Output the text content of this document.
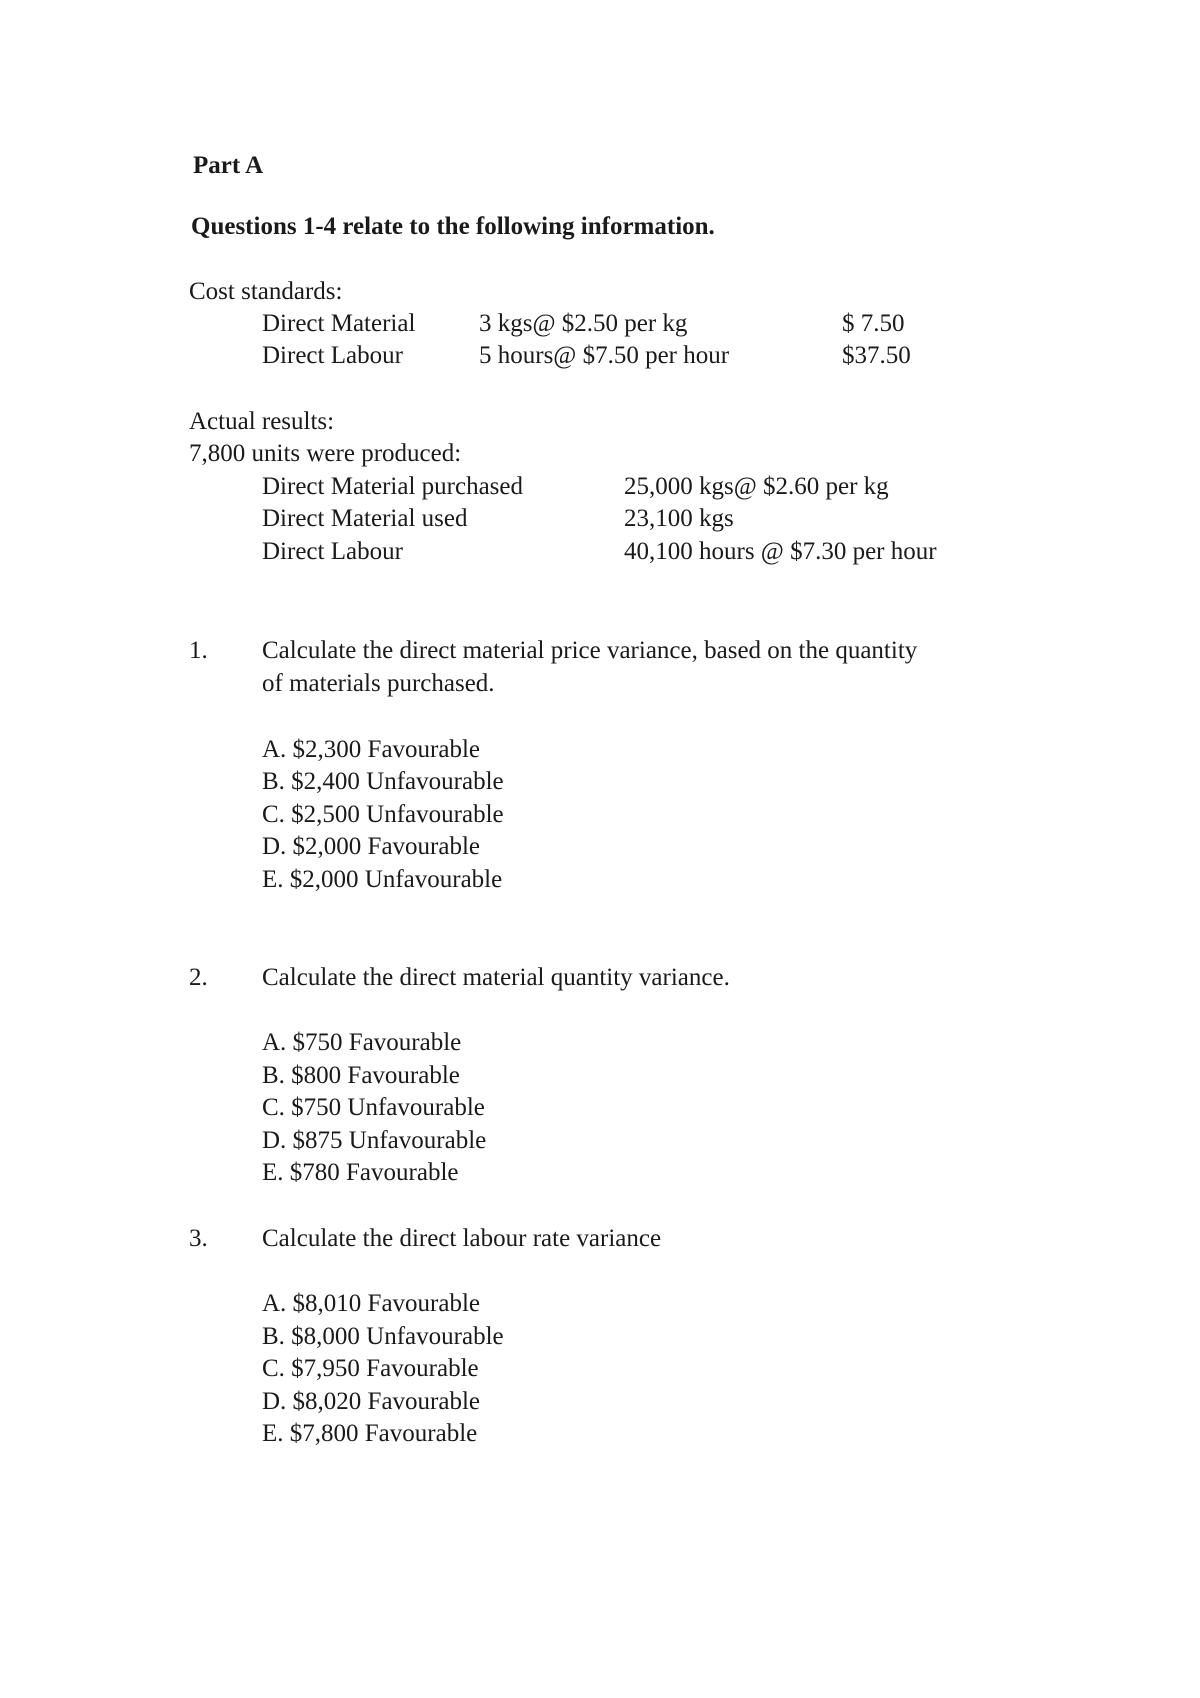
Part A
Questions 1-4 relate to the following information.
Cost standards:
Direct Material	3 kgs@ $2.50 per kg	$ 7.50
Direct Labour	5 hours@ $7.50 per hour	$37.50
Actual results:
7,800 units were produced:
Direct Material purchased	25,000 kgs@ $2.60 per kg
Direct Material used	23,100 kgs
Direct Labour	40,100 hours @ $7.30 per hour
1. Calculate the direct material price variance, based on the quantity
of materials purchased.
A. $2,300 Favourable
B. $2,400 Unfavourable
C. $2,500 Unfavourable
D. $2,000 Favourable
E. $2,000 Unfavourable
2. Calculate the direct material quantity variance.
A. $750 Favourable
B. $800 Favourable
C. $750 Unfavourable
D. $875 Unfavourable
E. $780 Favourable
3. Calculate the direct labour rate variance
A. $8,010 Favourable
B. $8,000 Unfavourable
C. $7,950 Favourable
D. $8,020 Favourable
E. $7,800 Favourable
